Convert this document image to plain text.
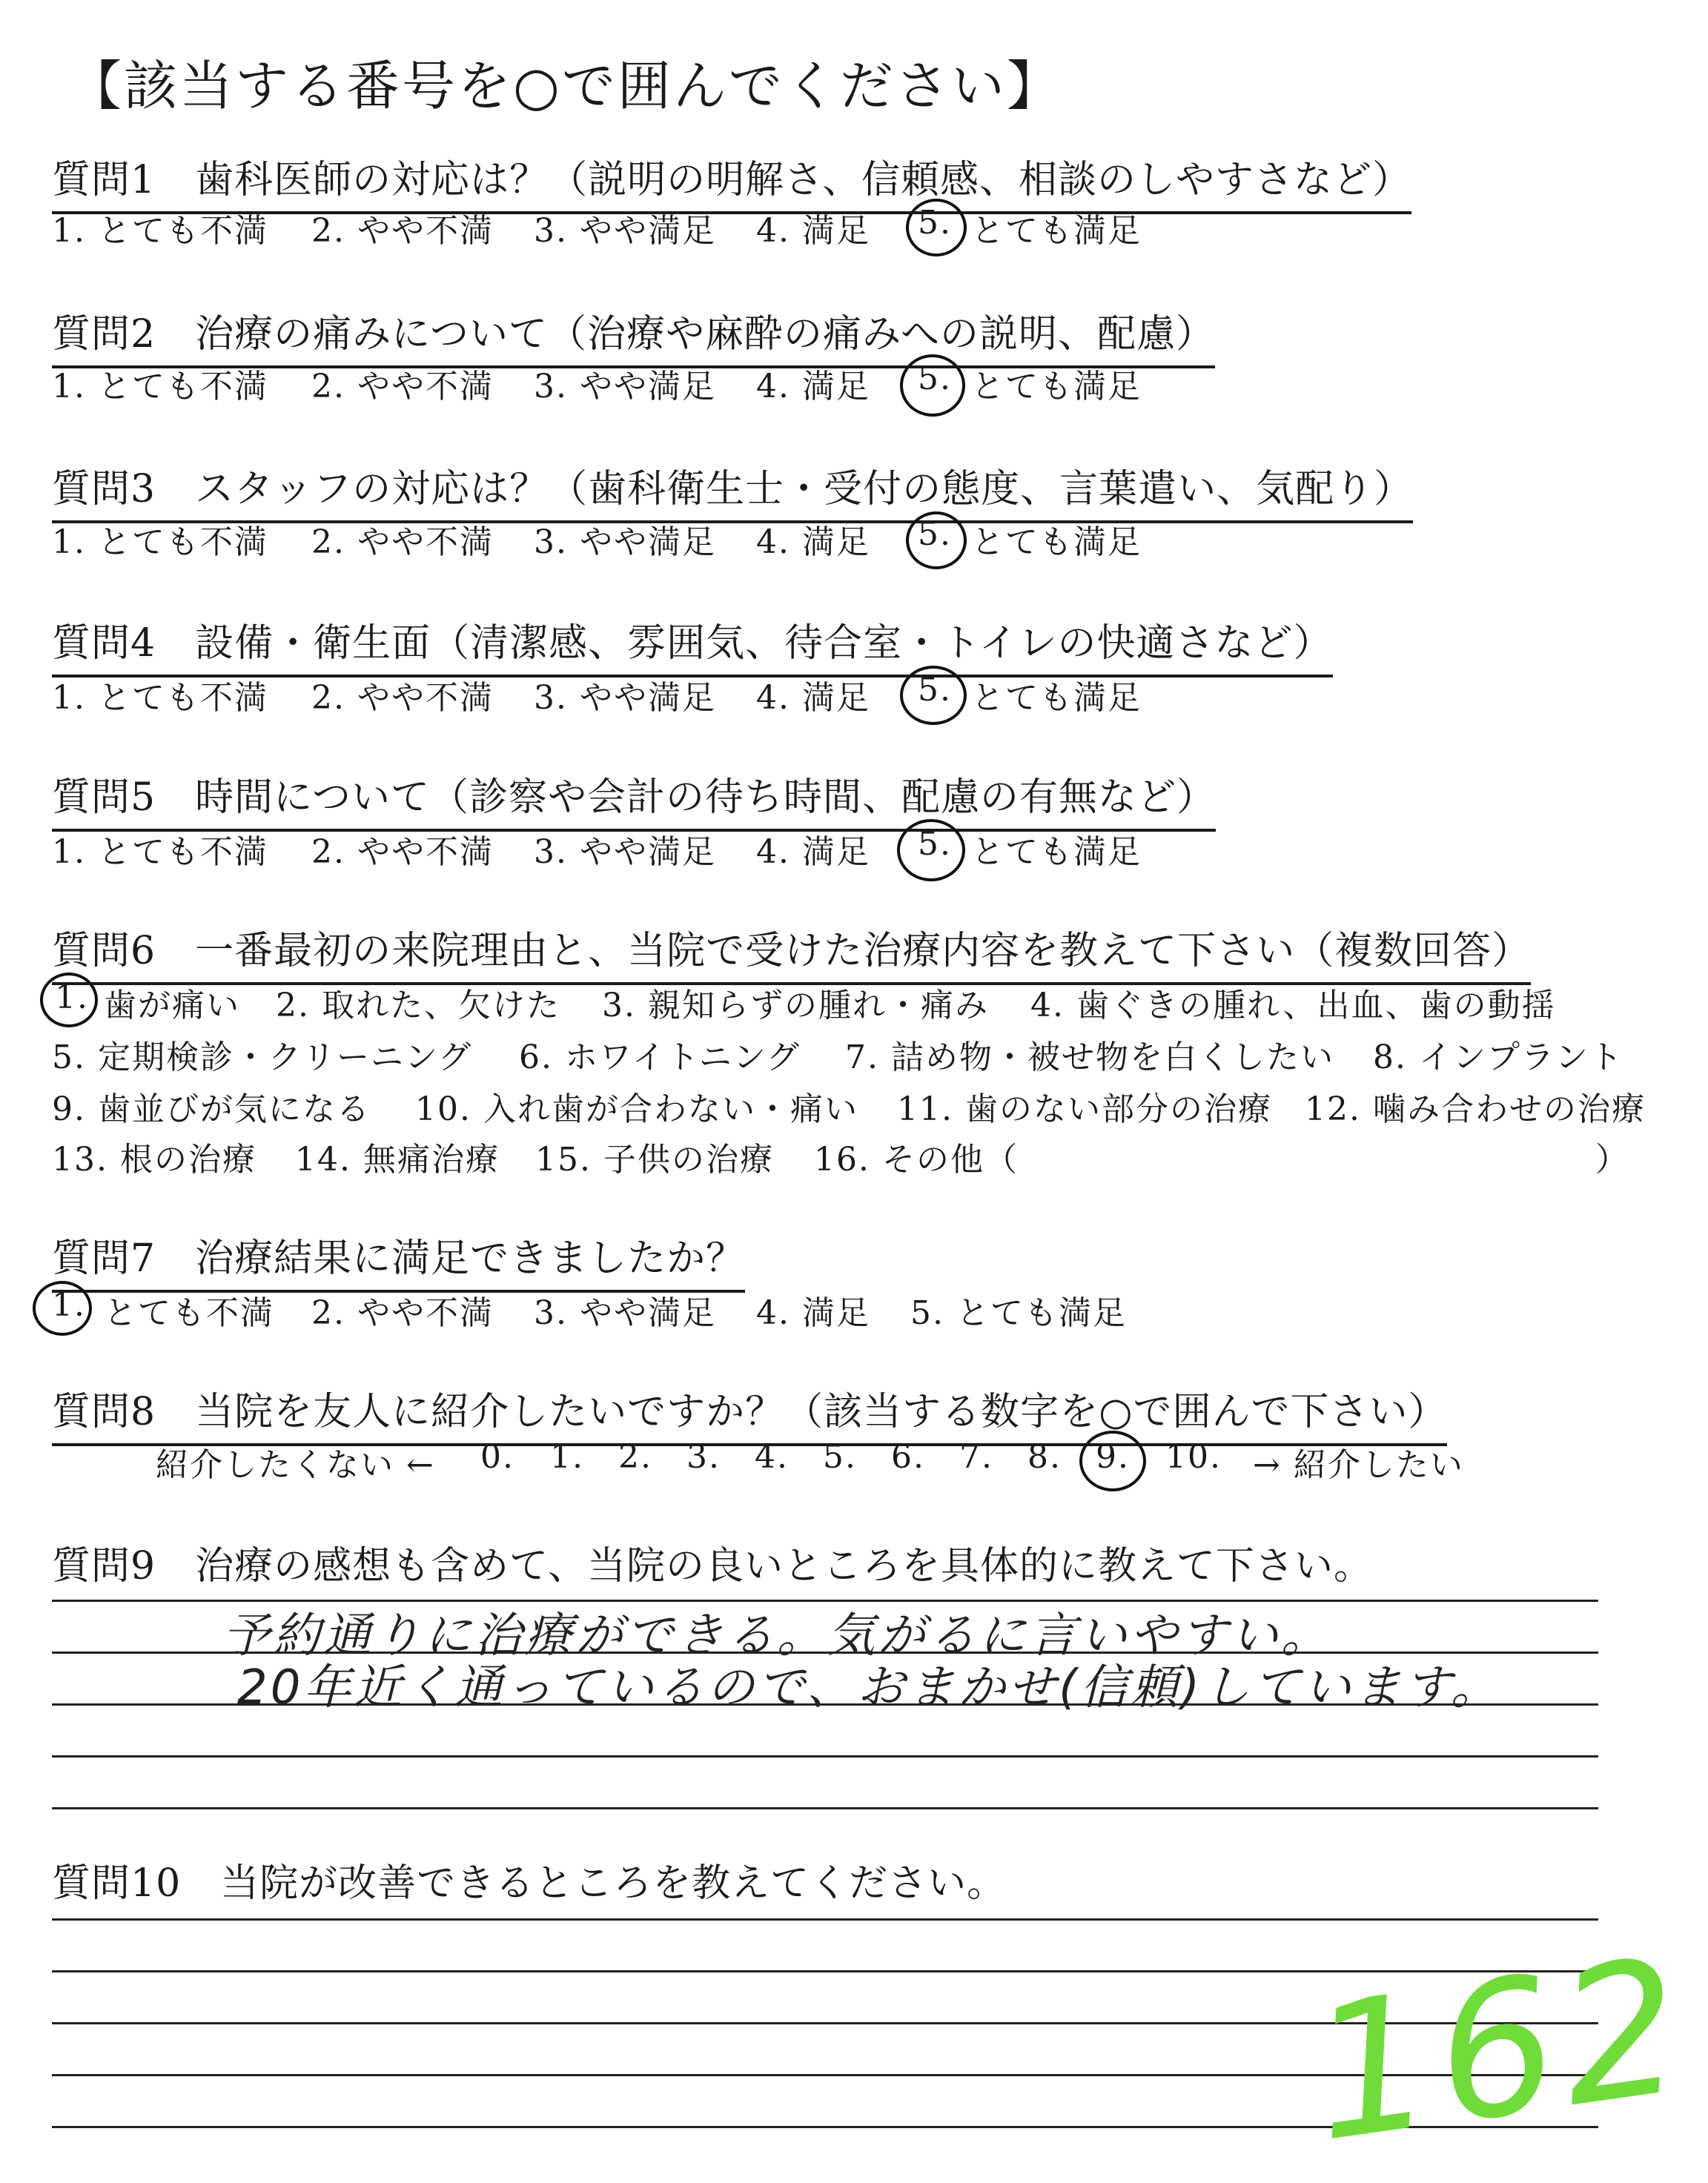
【該当する番号を○で囲んでください】
質問1　歯科医師の対応は？（説明の明解さ、信頼感、相談のしやすさなど）
1. とても不満 2. やや不満 3. やや満足 4. 満足 5. とても満足
質問2　治療の痛みについて（治療や麻酔の痛みへの説明、配慮）
1. とても不満 2. やや不満 3. やや満足 4. 満足 5. とても満足
質問3　スタッフの対応は？（歯科衛生士・受付の態度、言葉遣い、気配り）
1. とても不満 2. やや不満 3. やや満足 4. 満足 5. とても満足
質問4　設備・衛生面（清潔感、雰囲気、待合室・トイレの快適さなど）
1. とても不満 2. やや不満 3. やや満足 4. 満足 5. とても満足
質問5　時間について（診察や会計の待ち時間、配慮の有無など）
1. とても不満 2. やや不満 3. やや満足 4. 満足 5. とても満足
質問6　一番最初の来院理由と、当院で受けた治療内容を教えて下さい（複数回答）
1. 歯が痛い 2. 取れた、欠けた 3. 親知らずの腫れ・痛み 4. 歯ぐきの腫れ、出血、歯の動揺
5. 定期検診・クリーニング 6. ホワイトニング 7. 詰め物・被せ物を白くしたい 8. インプラント
9. 歯並びが気になる 10. 入れ歯が合わない・痛い 11. 歯のない部分の治療 12. 噛み合わせの治療
13. 根の治療 14. 無痛治療 15. 子供の治療 16. その他（	）
質問7　治療結果に満足できましたか？
1. とても不満 2. やや不満 3. やや満足 4. 満足 5. とても満足
質問8　当院を友人に紹介したいですか？（該当する数字を○で囲んで下さい）
紹介したくない ← 0. 1. 2. 3. 4. 5. 6. 7. 8. 9. 10. → 紹介したい
質問9　治療の感想も含めて、当院の良いところを具体的に教えて下さい。
予約通りに治療ができる。気がるに言いやすい。
20年近く通っているので、おまかせ(信頼)しています。
質問10　当院が改善できるところを教えてください。
162
